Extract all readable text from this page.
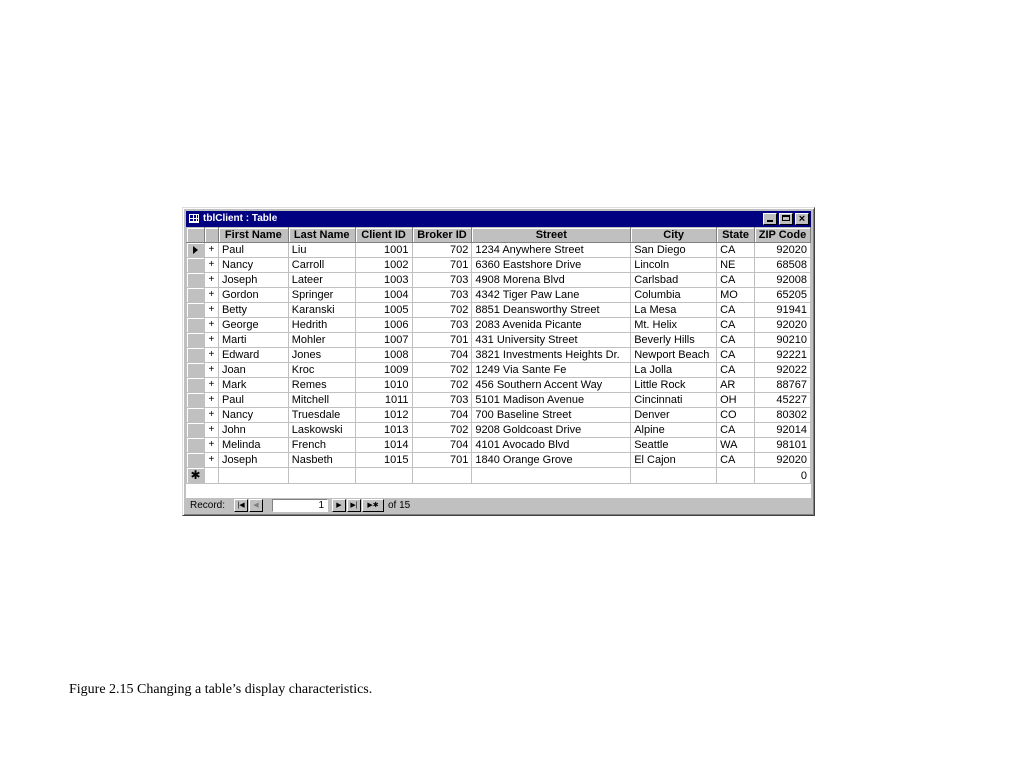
tblClient : Table	×
		First Name	Last Name	Client ID	Broker ID	Street	City	State	ZIP Code
	+	Paul	Liu	1001	702	1234 Anywhere Street	San Diego	CA	92020
	+	Nancy	Carroll	1002	701	6360 Eastshore Drive	Lincoln	NE	68508
	+	Joseph	Lateer	1003	703	4908 Morena Blvd	Carlsbad	CA	92008
	+	Gordon	Springer	1004	703	4342 Tiger Paw Lane	Columbia	MO	65205
	+	Betty	Karanski	1005	702	8851 Deansworthy Street	La Mesa	CA	91941
	+	George	Hedrith	1006	703	2083 Avenida Picante	Mt. Helix	CA	92020
	+	Marti	Mohler	1007	701	431 University Street	Beverly Hills	CA	90210
	+	Edward	Jones	1008	704	3821 Investments Heights Dr.	Newport Beach	CA	92221
	+	Joan	Kroc	1009	702	1249 Via Sante Fe	La Jolla	CA	92022
	+	Mark	Remes	1010	702	456 Southern Accent Way	Little Rock	AR	88767
	+	Paul	Mitchell	1011	703	5101 Madison Avenue	Cincinnati	OH	45227
	+	Nancy	Truesdale	1012	704	700 Baseline Street	Denver	CO	80302
	+	John	Laskowski	1013	702	9208 Goldcoast Drive	Alpine	CA	92014
	+	Melinda	French	1014	704	4101 Avocado Blvd	Seattle	WA	98101
	+	Joseph	Nasbeth	1015	701	1840 Orange Grove	El Cajon	CA	92020
✱									0
Record:	|◀	◀	1	▶	▶|	▶✱ of 15
Figure 2.15 Changing a table’s display characteristics.
